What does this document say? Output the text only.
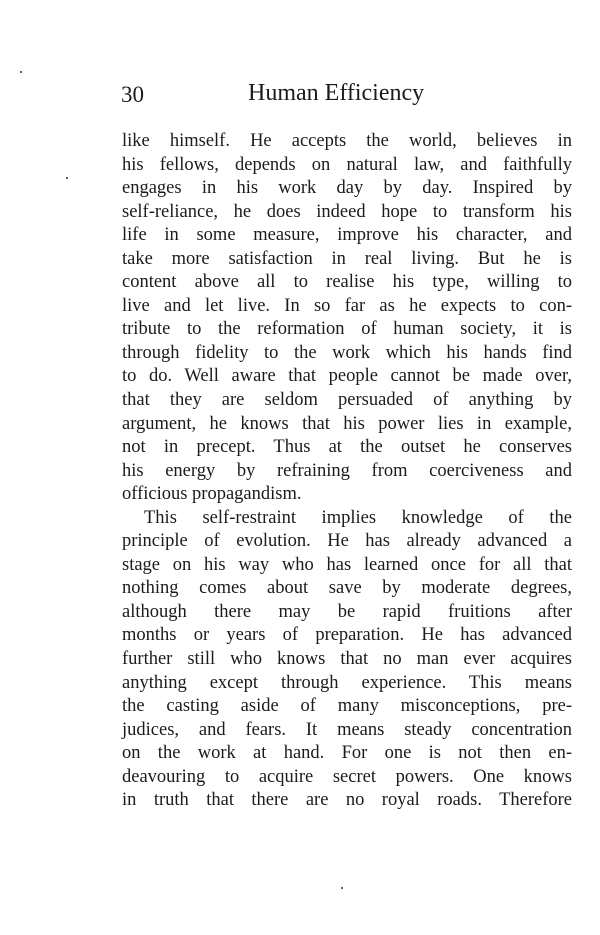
30	Human Efficiency
like himself. He accepts the world, believes in
his fellows, depends on natural law, and faithfully
engages in his work day by day. Inspired by
self-reliance, he does indeed hope to transform his
life in some measure, improve his character, and
take more satisfaction in real living. But he is
content above all to realise his type, willing to
live and let live. In so far as he expects to con-
tribute to the reformation of human society, it is
through fidelity to the work which his hands find
to do. Well aware that people cannot be made over,
that they are seldom persuaded of anything by
argument, he knows that his power lies in example,
not in precept. Thus at the outset he conserves
his energy by refraining from coerciveness and
officious propagandism.
This self-restraint implies knowledge of the
principle of evolution. He has already advanced a
stage on his way who has learned once for all that
nothing comes about save by moderate degrees,
although there may be rapid fruitions after
months or years of preparation. He has advanced
further still who knows that no man ever acquires
anything except through experience. This means
the casting aside of many misconceptions, pre-
judices, and fears. It means steady concentration
on the work at hand. For one is not then en-
deavouring to acquire secret powers. One knows
in truth that there are no royal roads. Therefore
